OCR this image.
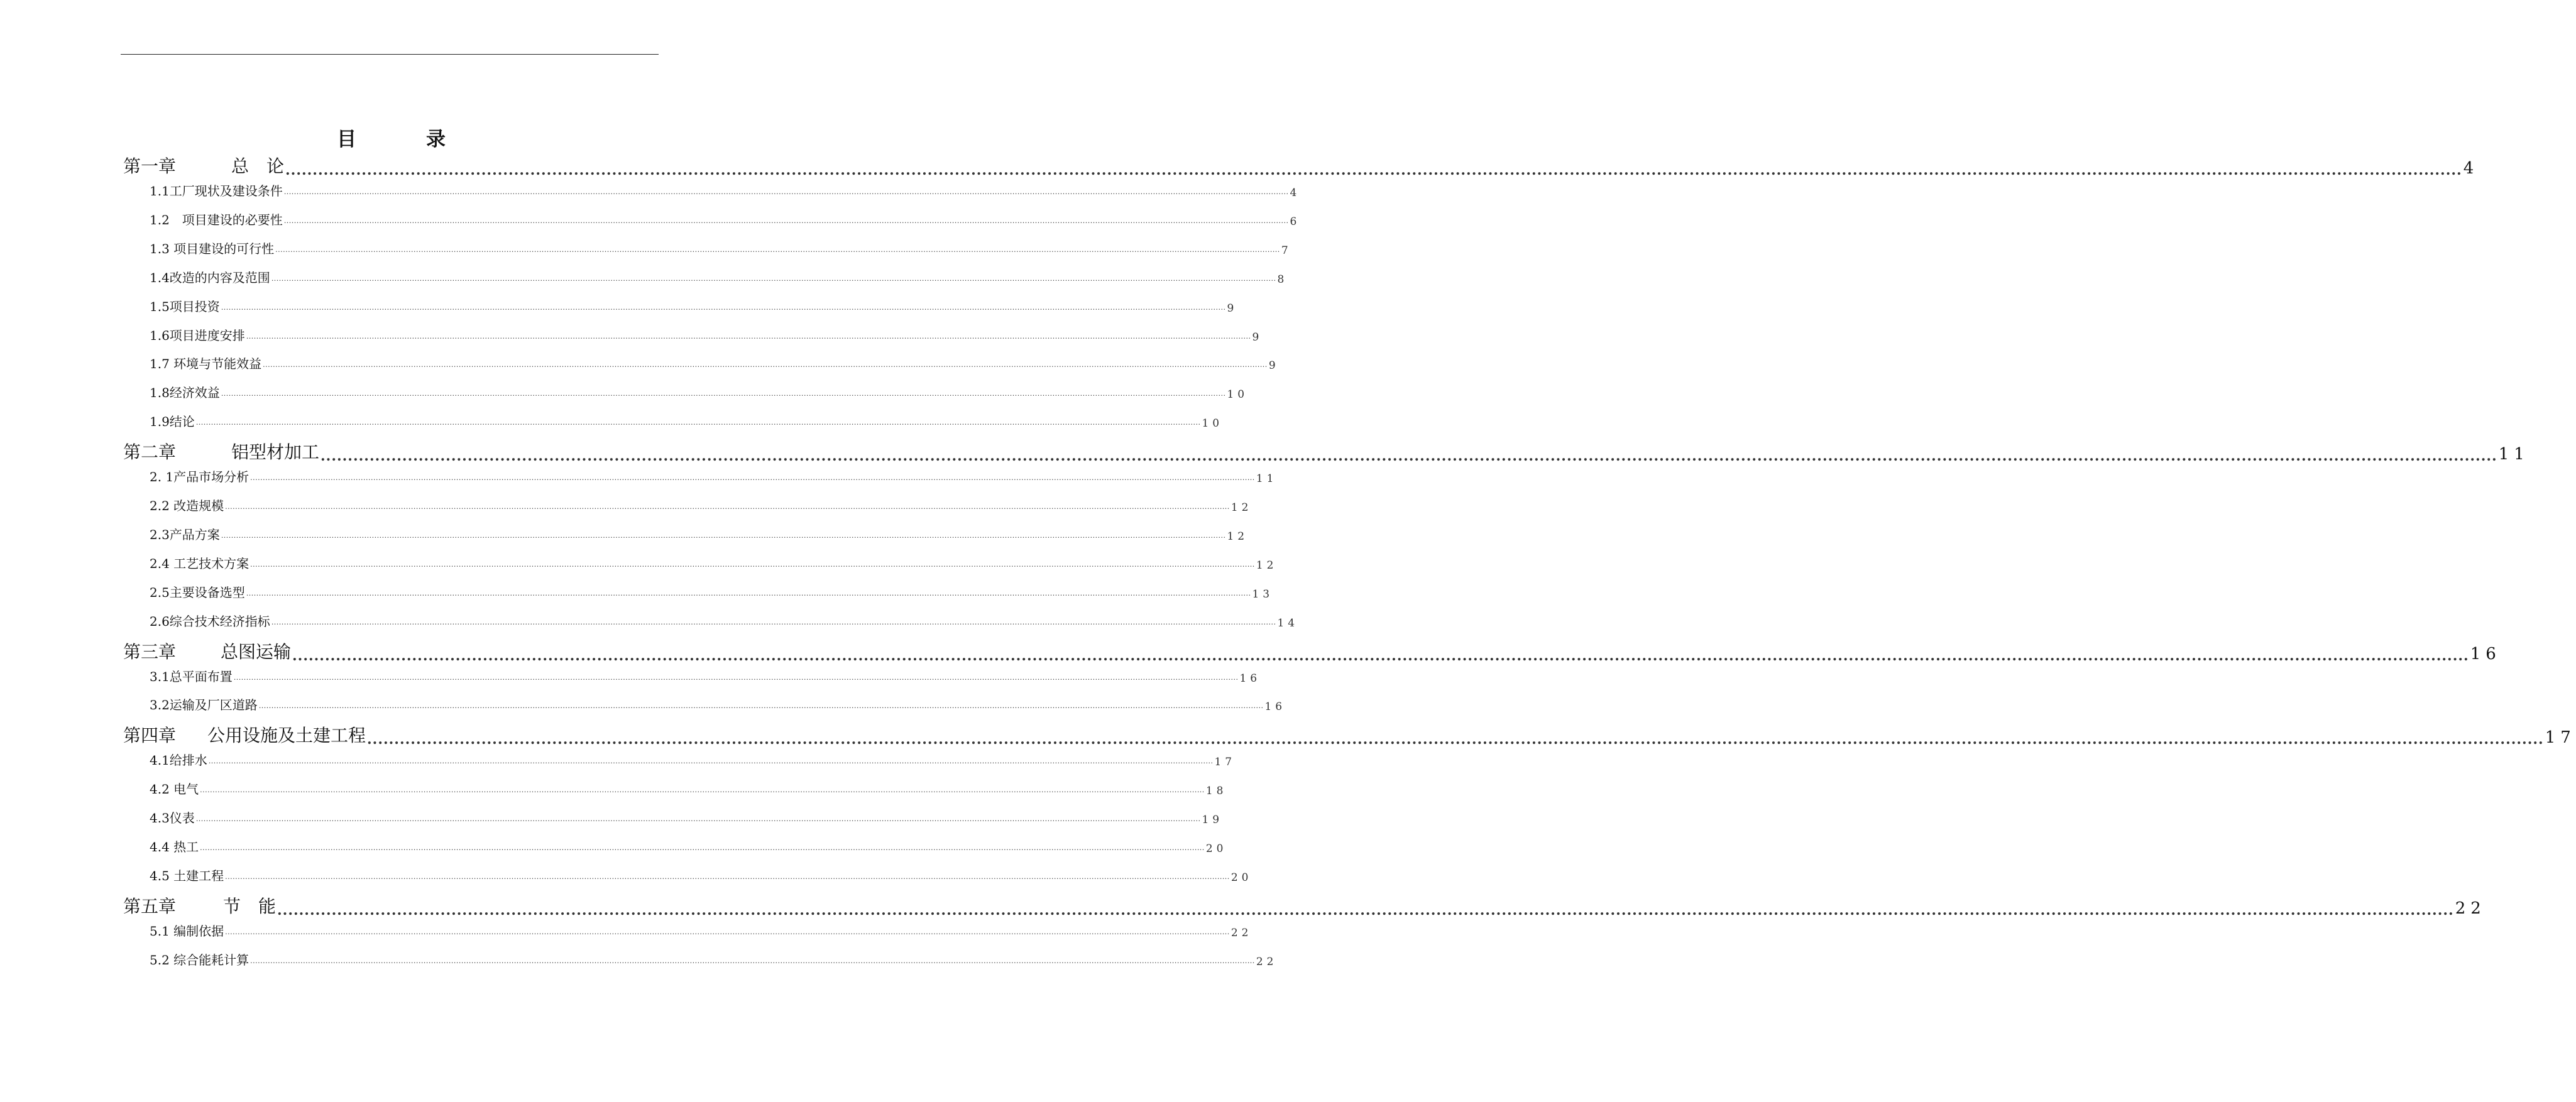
目	录
第一章	总　论 ................................................................................................................................................................................................................................................................................................................................................................................................................ 4
1.1工厂现状及建设条件 ................................................................................................................................................................................................................................................................................................................................................................................................................ 4
1.2　项目建设的必要性 ................................................................................................................................................................................................................................................................................................................................................................................................................ 6
1.3 项目建设的可行性 ................................................................................................................................................................................................................................................................................................................................................................................................................ 7
1.4改造的内容及范围 ................................................................................................................................................................................................................................................................................................................................................................................................................ 8
1.5项目投资 ................................................................................................................................................................................................................................................................................................................................................................................................................ 9
1.6项目进度安排 ................................................................................................................................................................................................................................................................................................................................................................................................................ 9
1.7 环境与节能效益 ................................................................................................................................................................................................................................................................................................................................................................................................................ 9
1.8经济效益 ................................................................................................................................................................................................................................................................................................................................................................................................................ 10
1.9结论 ................................................................................................................................................................................................................................................................................................................................................................................................................ 10
第二章	铝型材加工 ................................................................................................................................................................................................................................................................................................................................................................................................................ 11
2. 1产品市场分析 ................................................................................................................................................................................................................................................................................................................................................................................................................ 11
2.2 改造规模 ................................................................................................................................................................................................................................................................................................................................................................................................................ 12
2.3产品方案 ................................................................................................................................................................................................................................................................................................................................................................................................................ 12
2.4 工艺技术方案 ................................................................................................................................................................................................................................................................................................................................................................................................................ 12
2.5主要设备选型 ................................................................................................................................................................................................................................................................................................................................................................................................................ 13
2.6综合技术经济指标 ................................................................................................................................................................................................................................................................................................................................................................................................................ 14
第三章	总图运输 ................................................................................................................................................................................................................................................................................................................................................................................................................ 16
3.1总平面布置 ................................................................................................................................................................................................................................................................................................................................................................................................................ 16
3.2运输及厂区道路 ................................................................................................................................................................................................................................................................................................................................................................................................................ 16
第四章	公用设施及土建工程 ................................................................................................................................................................................................................................................................................................................................................................................................................ 17
4.1给排水 ................................................................................................................................................................................................................................................................................................................................................................................................................ 17
4.2 电气 ................................................................................................................................................................................................................................................................................................................................................................................................................ 18
4.3仪表 ................................................................................................................................................................................................................................................................................................................................................................................................................ 19
4.4 热工 ................................................................................................................................................................................................................................................................................................................................................................................................................ 20
4.5 土建工程 ................................................................................................................................................................................................................................................................................................................................................................................................................ 20
第五章	节　能 ................................................................................................................................................................................................................................................................................................................................................................................................................ 22
5.1 编制依据 ................................................................................................................................................................................................................................................................................................................................................................................................................ 22
5.2 综合能耗计算 ................................................................................................................................................................................................................................................................................................................................................................................................................ 22
